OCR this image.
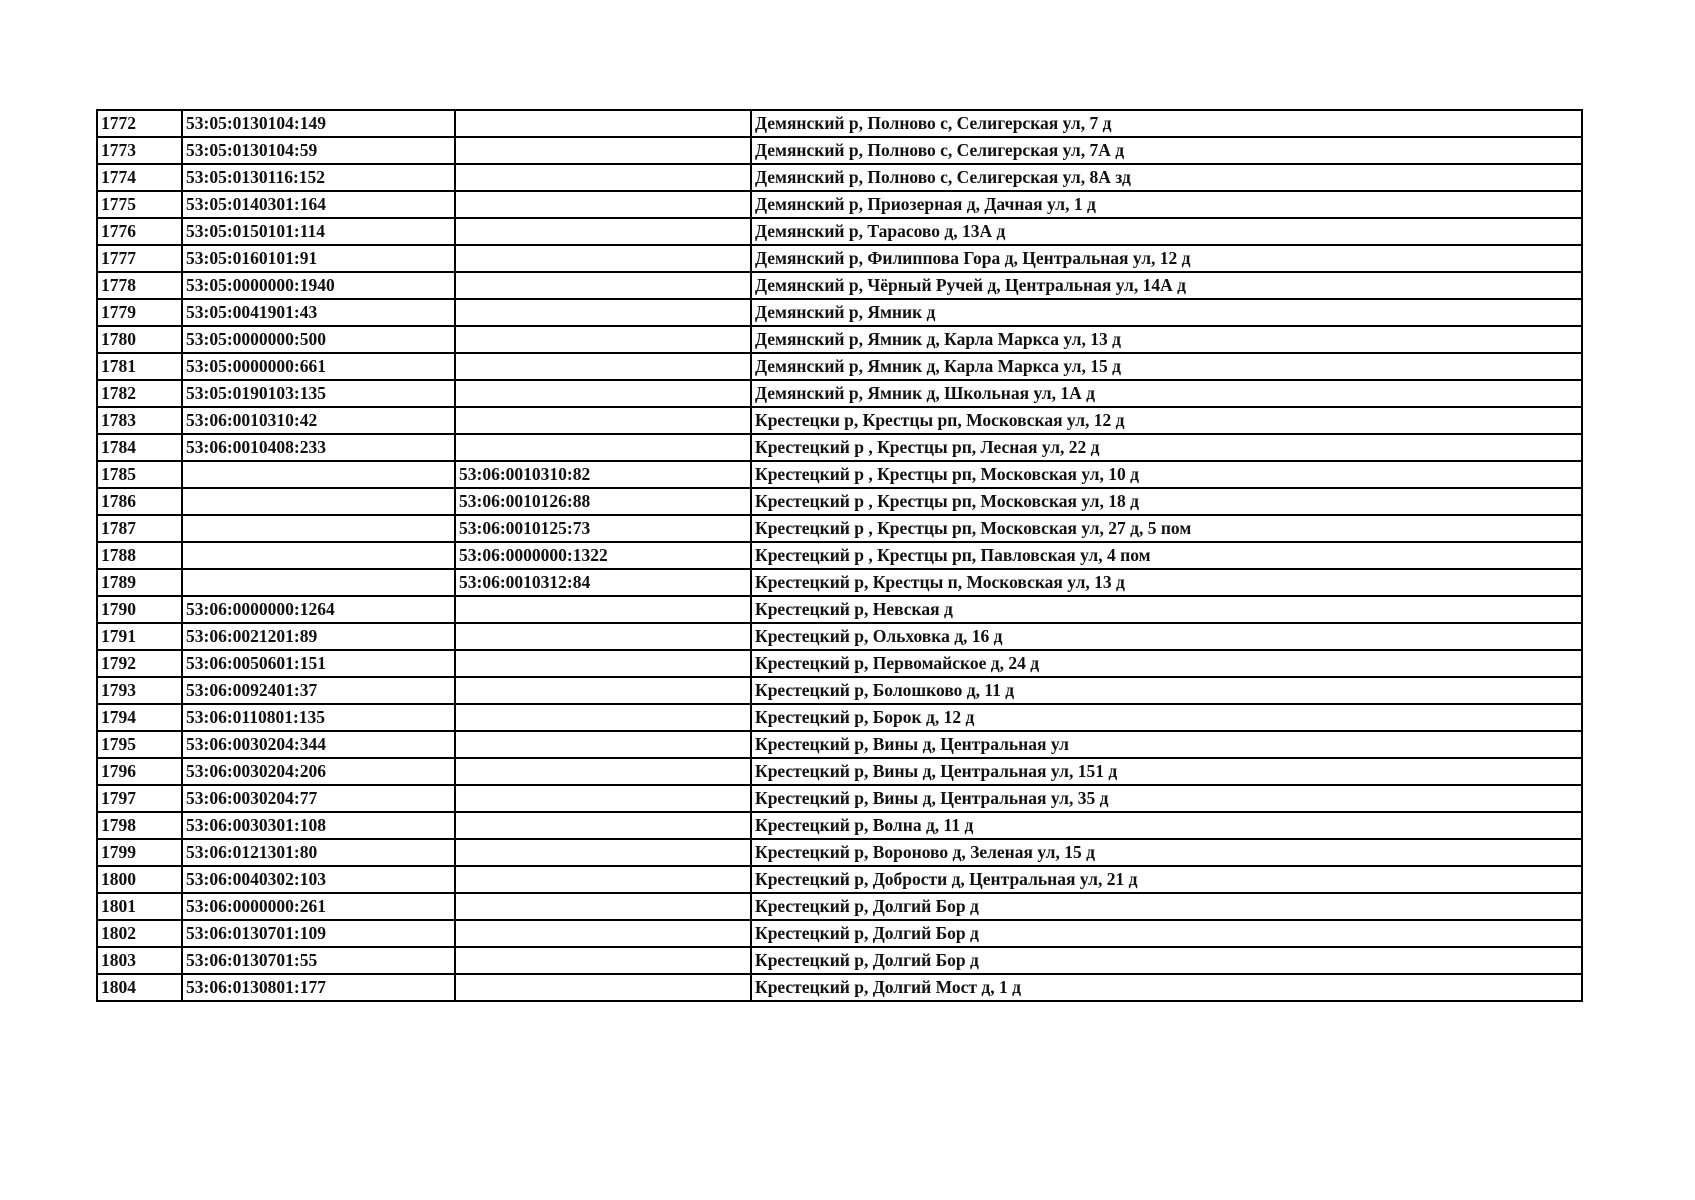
1772	53:05:0130104:149		Демянский р, Полново с, Селигерская ул, 7 д
1773	53:05:0130104:59		Демянский р, Полново с, Селигерская ул, 7А д
1774	53:05:0130116:152		Демянский р, Полново с, Селигерская ул, 8А зд
1775	53:05:0140301:164		Демянский р, Приозерная д, Дачная ул, 1 д
1776	53:05:0150101:114		Демянский р, Тарасово д, 13А д
1777	53:05:0160101:91		Демянский р, Филиппова Гора д, Центральная ул, 12 д
1778	53:05:0000000:1940		Демянский р, Чёрный Ручей д, Центральная ул, 14А д
1779	53:05:0041901:43		Демянский р, Ямник д
1780	53:05:0000000:500		Демянский р, Ямник д, Карла Маркса ул, 13 д
1781	53:05:0000000:661		Демянский р, Ямник д, Карла Маркса ул, 15 д
1782	53:05:0190103:135		Демянский р, Ямник д, Школьная ул, 1А д
1783	53:06:0010310:42		Крестецки р, Крестцы рп, Московская ул, 12 д
1784	53:06:0010408:233		Крестецкий р , Крестцы рп, Лесная ул, 22 д
1785		53:06:0010310:82	Крестецкий р , Крестцы рп, Московская ул, 10 д
1786		53:06:0010126:88	Крестецкий р , Крестцы рп, Московская ул, 18 д
1787		53:06:0010125:73	Крестецкий р , Крестцы рп, Московская ул, 27 д, 5 пом
1788		53:06:0000000:1322	Крестецкий р , Крестцы рп, Павловская ул, 4 пом
1789		53:06:0010312:84	Крестецкий р, Крестцы п, Московская ул, 13 д
1790	53:06:0000000:1264		Крестецкий р, Невская д
1791	53:06:0021201:89		Крестецкий р, Ольховка д, 16 д
1792	53:06:0050601:151		Крестецкий р, Первомайское д, 24 д
1793	53:06:0092401:37		Крестецкий р, Болошково д, 11 д
1794	53:06:0110801:135		Крестецкий р, Борок д, 12 д
1795	53:06:0030204:344		Крестецкий р, Вины д, Центральная ул
1796	53:06:0030204:206		Крестецкий р, Вины д, Центральная ул, 151 д
1797	53:06:0030204:77		Крестецкий р, Вины д, Центральная ул, 35 д
1798	53:06:0030301:108		Крестецкий р, Волна д, 11 д
1799	53:06:0121301:80		Крестецкий р, Вороново д, Зеленая ул, 15 д
1800	53:06:0040302:103		Крестецкий р, Добрости д, Центральная ул, 21 д
1801	53:06:0000000:261		Крестецкий р, Долгий Бор д
1802	53:06:0130701:109		Крестецкий р, Долгий Бор д
1803	53:06:0130701:55		Крестецкий р, Долгий Бор д
1804	53:06:0130801:177		Крестецкий р, Долгий Мост д, 1 д
